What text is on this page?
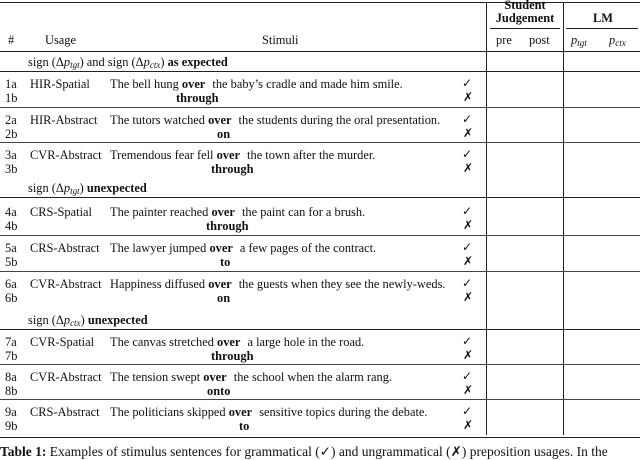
# Usage	Stimuli
Student
Judgement	LM
pre post $p_{tgt}$ $p_{ctx}$
sign $(\Delta p_{tgt})$ and sign $(\Delta p_{ctx})$ as expected
sign $(\Delta p_{tgt})$ unexpected
sign $(\Delta p_{ctx})$ unexpected
1a
1b
HIR-Spatial The bell hung over the baby’s cradle and made him smile.
through
✓
✗
2a
2b
HIR-Abstract The tutors watched over the students during the oral presentation.
on
✓
✗
3a
3b
CVR-Abstract Tremendous fear fell over the town after the murder.
through
✓
✗
4a
4b
CRS-Spatial The painter reached over the paint can for a brush.
through
✓
✗
5a
5b
CRS-Abstract The lawyer jumped over a few pages of the contract.
to
✓
✗
6a
6b
CVR-Abstract Happiness diffused over the guests when they see the newly-weds.
on
✓
✗
7a
7b
CVR-Spatial The canvas stretched over a large hole in the road.
through
✓
✗
8a
8b
CVR-Abstract The tension swept over the school when the alarm rang.
onto
✓
✗
9a
9b
CRS-Abstract The politicians skipped over sensitive topics during the debate.
to
✓
✗
Table 1: Examples of stimulus sentences for grammatical (✓) and ungrammatical (✗) preposition usages. In the
